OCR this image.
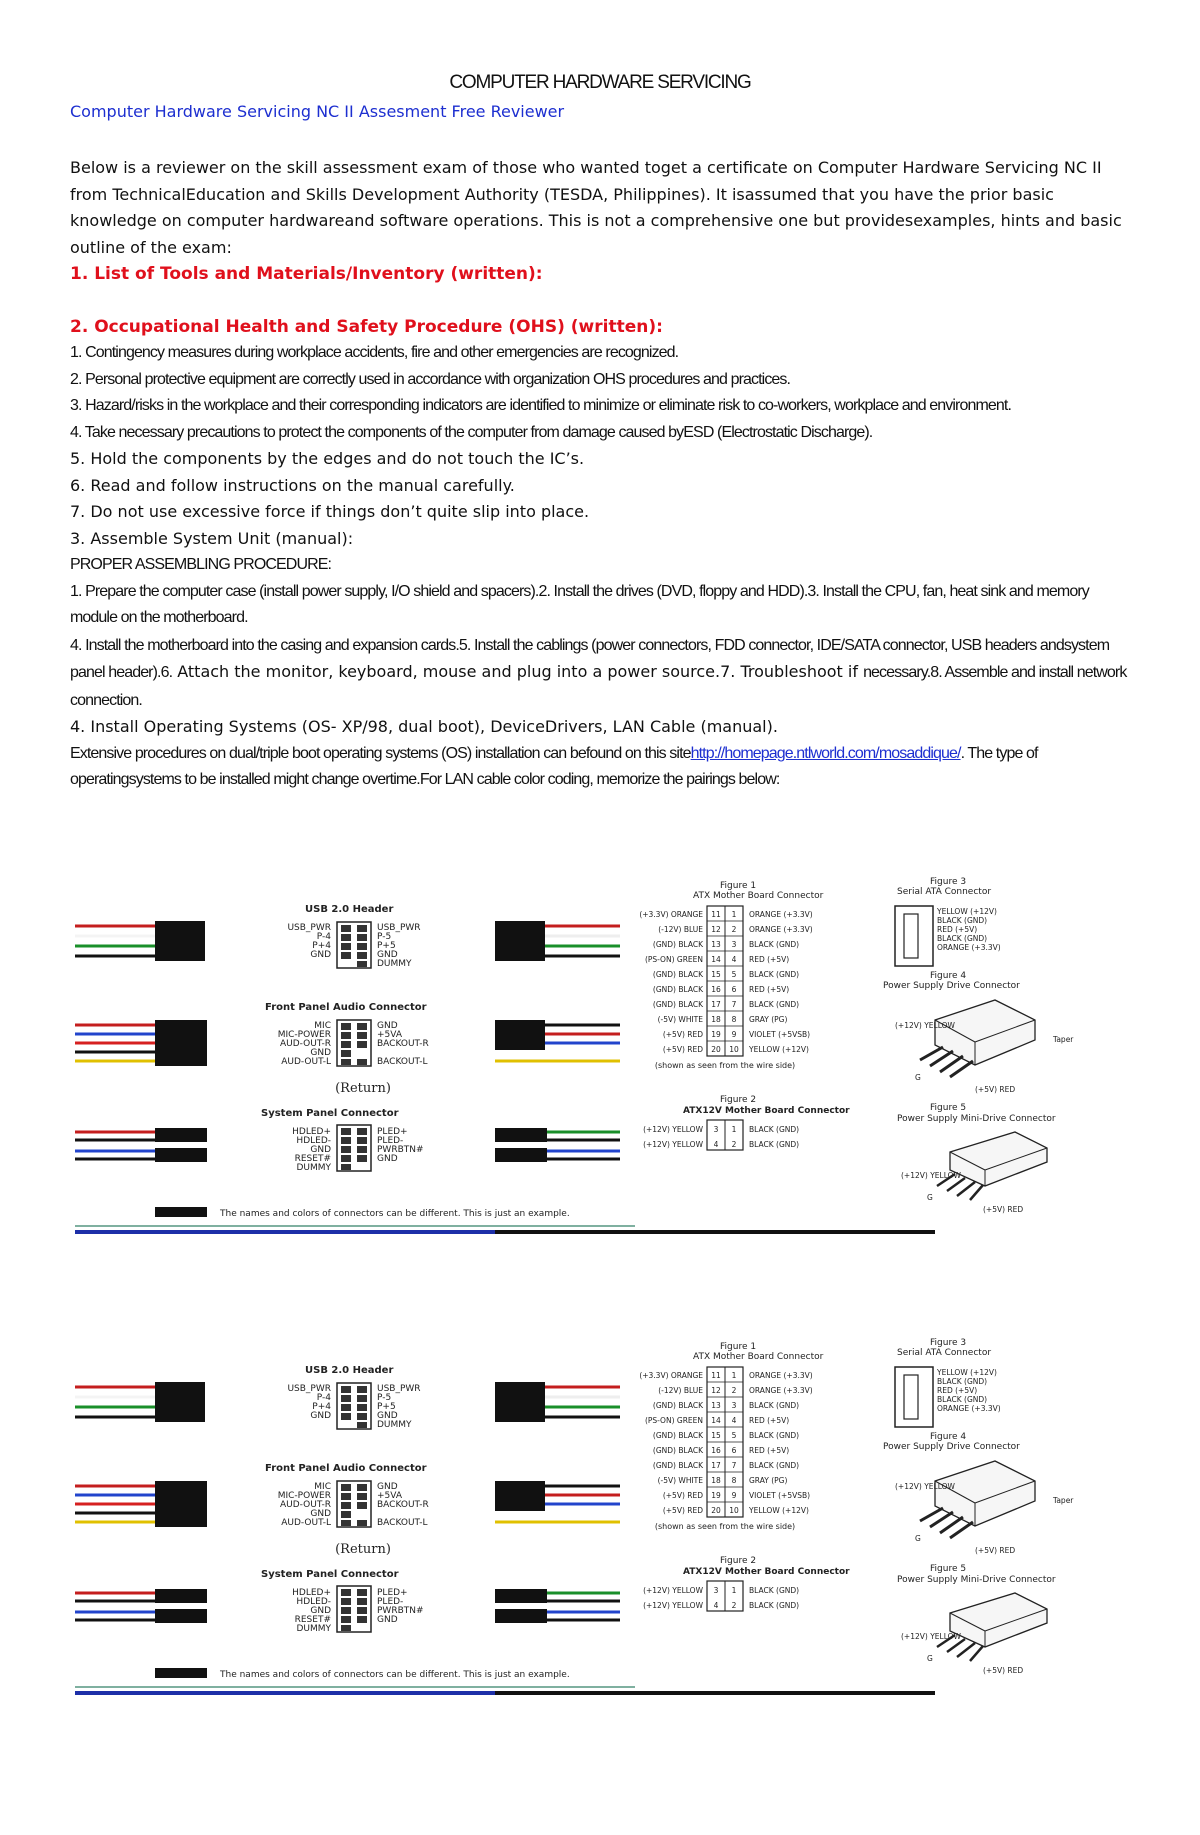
COMPUTER HARDWARE SERVICING
Computer Hardware Servicing NC II Assesment Free Reviewer

Below is a reviewer on the skill assessment exam of those who wanted toget a certificate on Computer Hardware Servicing NC II from TechnicalEducation and Skills Development Authority (TESDA, Philippines). It isassumed that you have the prior basic knowledge on computer hardwareand software operations. This is not a comprehensive one but providesexamples, hints and basic outline of the exam:

1. List of Tools and Materials/Inventory (written):

2. Occupational Health and Safety Procedure (OHS) (written):

1. Contingency measures during workplace accidents, fire and other emergencies are recognized.

2. Personal protective equipment are correctly used in accordance with organization OHS procedures and practices.

3. Hazard/risks in the workplace and their corresponding indicators are identified to minimize or eliminate risk to co-workers, workplace and environment.

4. Take necessary precautions to protect the components of the computer from damage caused byESD (Electrostatic Discharge).

5. Hold the components by the edges and do not touch the IC’s.

6. Read and follow instructions on the manual carefully.

7. Do not use excessive force if things don’t quite slip into place.

3. Assemble System Unit (manual):

PROPER ASSEMBLING PROCEDURE:

1. Prepare the computer case (install power supply, I/O shield and spacers).2. Install the drives (DVD, floppy and HDD).3. Install the CPU, fan, heat sink and memory module on the motherboard.

4. Install the motherboard into the casing and expansion cards.5. Install the cablings (power connectors, FDD connector, IDE/SATA connector, USB headers andsystem panel header).6. Attach the monitor, keyboard, mouse and plug into a power source.7. Troubleshoot if necessary.8. Assemble and install network connection.

4. Install Operating Systems (OS- XP/98, dual boot), DeviceDrivers, LAN Cable (manual).

Extensive procedures on dual/triple boot operating systems (OS) installation can befound on this sitehttp://homepage.ntlworld.com/mosaddique/. The type of operatingsystems to be installed might change overtime.For LAN cable color coding, memorize the pairings below:

USB 2.0 Header
USB_PWR
P-4
P+4
GND
USB_PWR
P-5
P+5
GND
DUMMY
Front Panel Audio Connector
MIC
MIC-POWER
AUD-OUT-R
GND
AUD-OUT-L
GND
+5VA
BACKOUT-R
BACKOUT-L
(Return)
System Panel Connector
HDLED+
HDLED-
GND
RESET#
DUMMY
PLED+
PLED-
PWRBTN#
GND
The names and colors of connectors can be different. This is just an example.
Figure 1
ATX Mother Board Connector
(+3.3V) ORANGE 11 1 ORANGE (+3.3V)
(-12V) BLUE 12 2 ORANGE (+3.3V)
(GND) BLACK 13 3 BLACK (GND)
(PS-ON) GREEN 14 4 RED (+5V)
(GND) BLACK 15 5 BLACK (GND)
(GND) BLACK 16 6 RED (+5V)
(GND) BLACK 17 7 BLACK (GND)
(-5V) WHITE 18 8 GRAY (PG)
(+5V) RED 19 9 VIOLET (+5VSB)
(+5V) RED 20 10 YELLOW (+12V)
(shown as seen from the wire side)
Figure 2
ATX12V Mother Board Connector
(+12V) YELLOW 3 1 BLACK (GND)
(+12V) YELLOW 4 2 BLACK (GND)
Figure 3
Serial ATA Connector
YELLOW (+12V)
BLACK (GND)
RED (+5V)
BLACK (GND)
ORANGE (+3.3V)
Figure 4
Power Supply Drive Connector
(+12V) YELLOW
Taper
(+5V) RED
G
Figure 5
Power Supply Mini-Drive Connector
(+12V) YELLOW
(+5V) RED
G
USB 2.0 Header
USB_PWR
P-4
P+4
GND
USB_PWR
P-5
P+5
GND
DUMMY
Front Panel Audio Connector
MIC
MIC-POWER
AUD-OUT-R
GND
AUD-OUT-L
GND
+5VA
BACKOUT-R
BACKOUT-L
(Return)
System Panel Connector
HDLED+
HDLED-
GND
RESET#
DUMMY
PLED+
PLED-
PWRBTN#
GND
The names and colors of connectors can be different. This is just an example.
Figure 1
ATX Mother Board Connector
(+3.3V) ORANGE 11 1 ORANGE (+3.3V)
(-12V) BLUE 12 2 ORANGE (+3.3V)
(GND) BLACK 13 3 BLACK (GND)
(PS-ON) GREEN 14 4 RED (+5V)
(GND) BLACK 15 5 BLACK (GND)
(GND) BLACK 16 6 RED (+5V)
(GND) BLACK 17 7 BLACK (GND)
(-5V) WHITE 18 8 GRAY (PG)
(+5V) RED 19 9 VIOLET (+5VSB)
(+5V) RED 20 10 YELLOW (+12V)
(shown as seen from the wire side)
Figure 2
ATX12V Mother Board Connector
(+12V) YELLOW 3 1 BLACK (GND)
(+12V) YELLOW 4 2 BLACK (GND)
Figure 3
Serial ATA Connector
YELLOW (+12V)
BLACK (GND)
RED (+5V)
BLACK (GND)
ORANGE (+3.3V)
Figure 4
Power Supply Drive Connector
(+12V) YELLOW
Taper
(+5V) RED
G
Figure 5
Power Supply Mini-Drive Connector
(+12V) YELLOW
(+5V) RED
G
